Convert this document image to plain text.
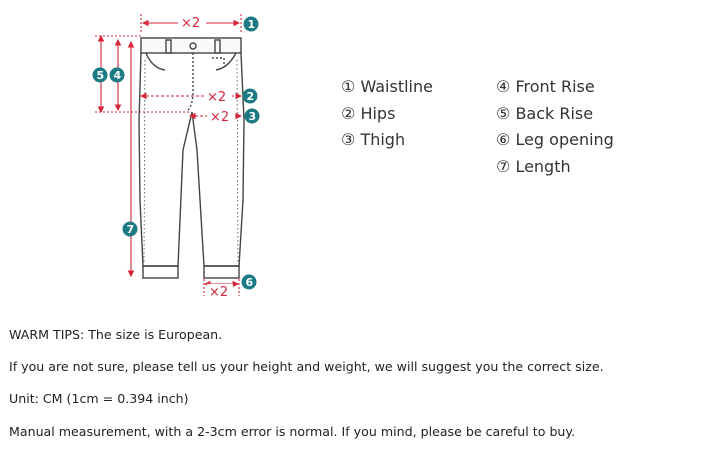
×2
×2
×2
×2
1
2
3
4
5
6
7
① Waistline
② Hips
③ Thigh
④ Front Rise
⑤ Back Rise
⑥ Leg opening
⑦ Length
WARM TIPS: The size is European.
If you are not sure, please tell us your height and weight, we will suggest you the correct size.
Unit: CM (1cm = 0.394 inch)
Manual measurement, with a 2-3cm error is normal. If you mind, please be careful to buy.
